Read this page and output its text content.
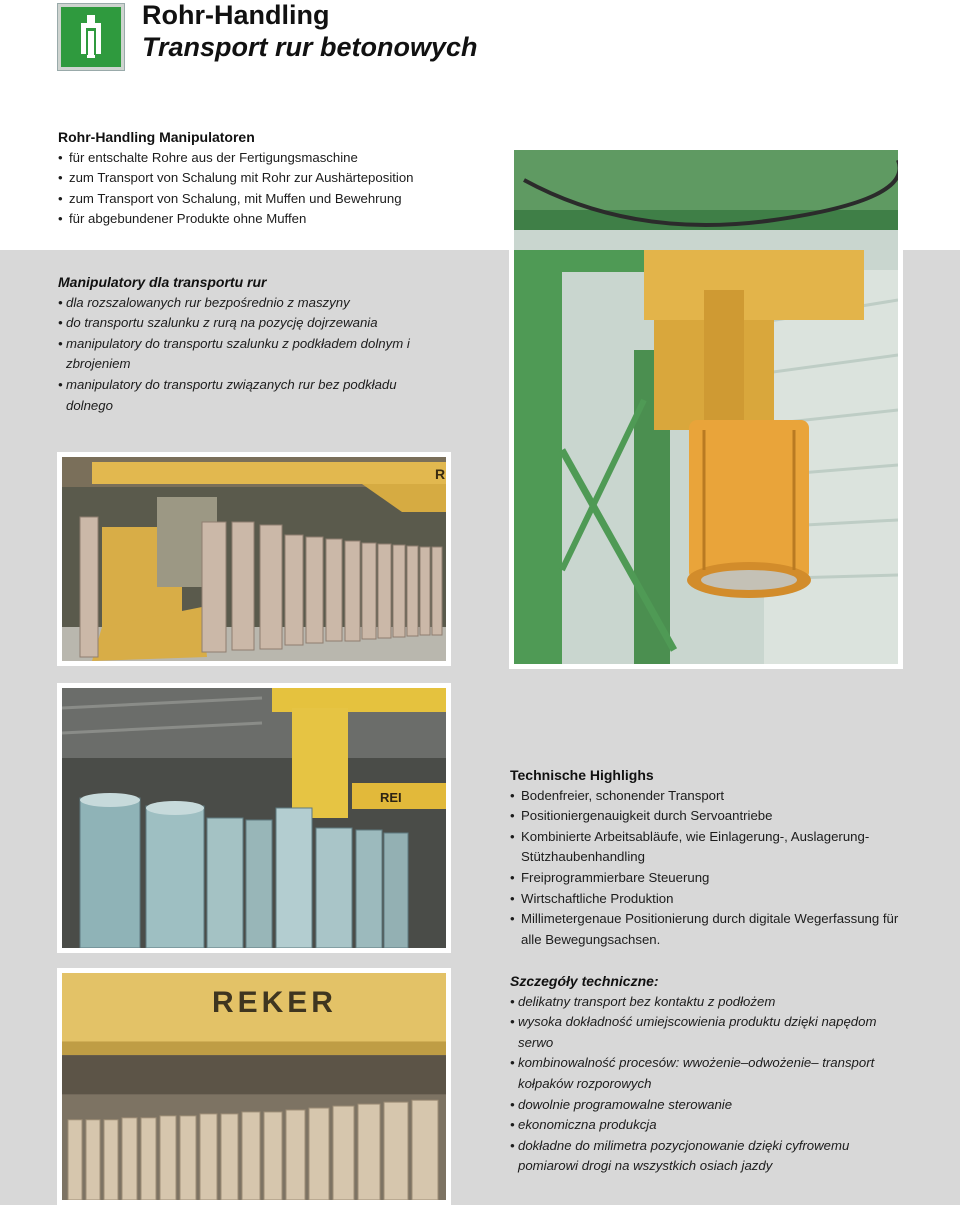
Rohr-Handling
Transport rur betonowych
Rohr-Handling Manipulatoren
• für entschalte Rohre aus der Fertigungsmaschine
• zum Transport von Schalung mit Rohr zur Aushärteposition
• zum Transport von Schalung, mit Muffen und Bewehrung
• für abgebundener Produkte ohne Muffen
Manipulatory dla transportu rur
• dla rozszalowanych rur bezpośrednio z maszyny
• do transportu szalunku z rurą na pozycję dojrzewania
• manipulatory do transportu szalunku z podkładem dolnym i zbrojeniem
• manipulatory do transportu związanych rur bez podkładu dolnego
R
REI
REKER
Technische Highlighs
• Bodenfreier, schonender Transport
• Positioniergenauigkeit durch Servoantriebe
• Kombinierte Arbeitsabläufe, wie Einlagerung-, Auslagerung-Stützhaubenhandling
• Freiprogrammierbare Steuerung
• Wirtschaftliche Produktion
• Millimetergenaue Positionierung durch digitale Wegerfassung für alle Bewegungsachsen.
Szczegóły techniczne:
• delikatny transport bez kontaktu z podłożem
• wysoka dokładność umiejscowienia produktu dzięki napędom serwo
• kombinowalność procesów: wwożenie–odwożenie– transport kołpaków rozporowych
• dowolnie programowalne sterowanie
• ekonomiczna produkcja
• dokładne do milimetra pozycjonowanie dzięki cyfrowemu pomiarowi drogi na wszystkich osiach jazdy
